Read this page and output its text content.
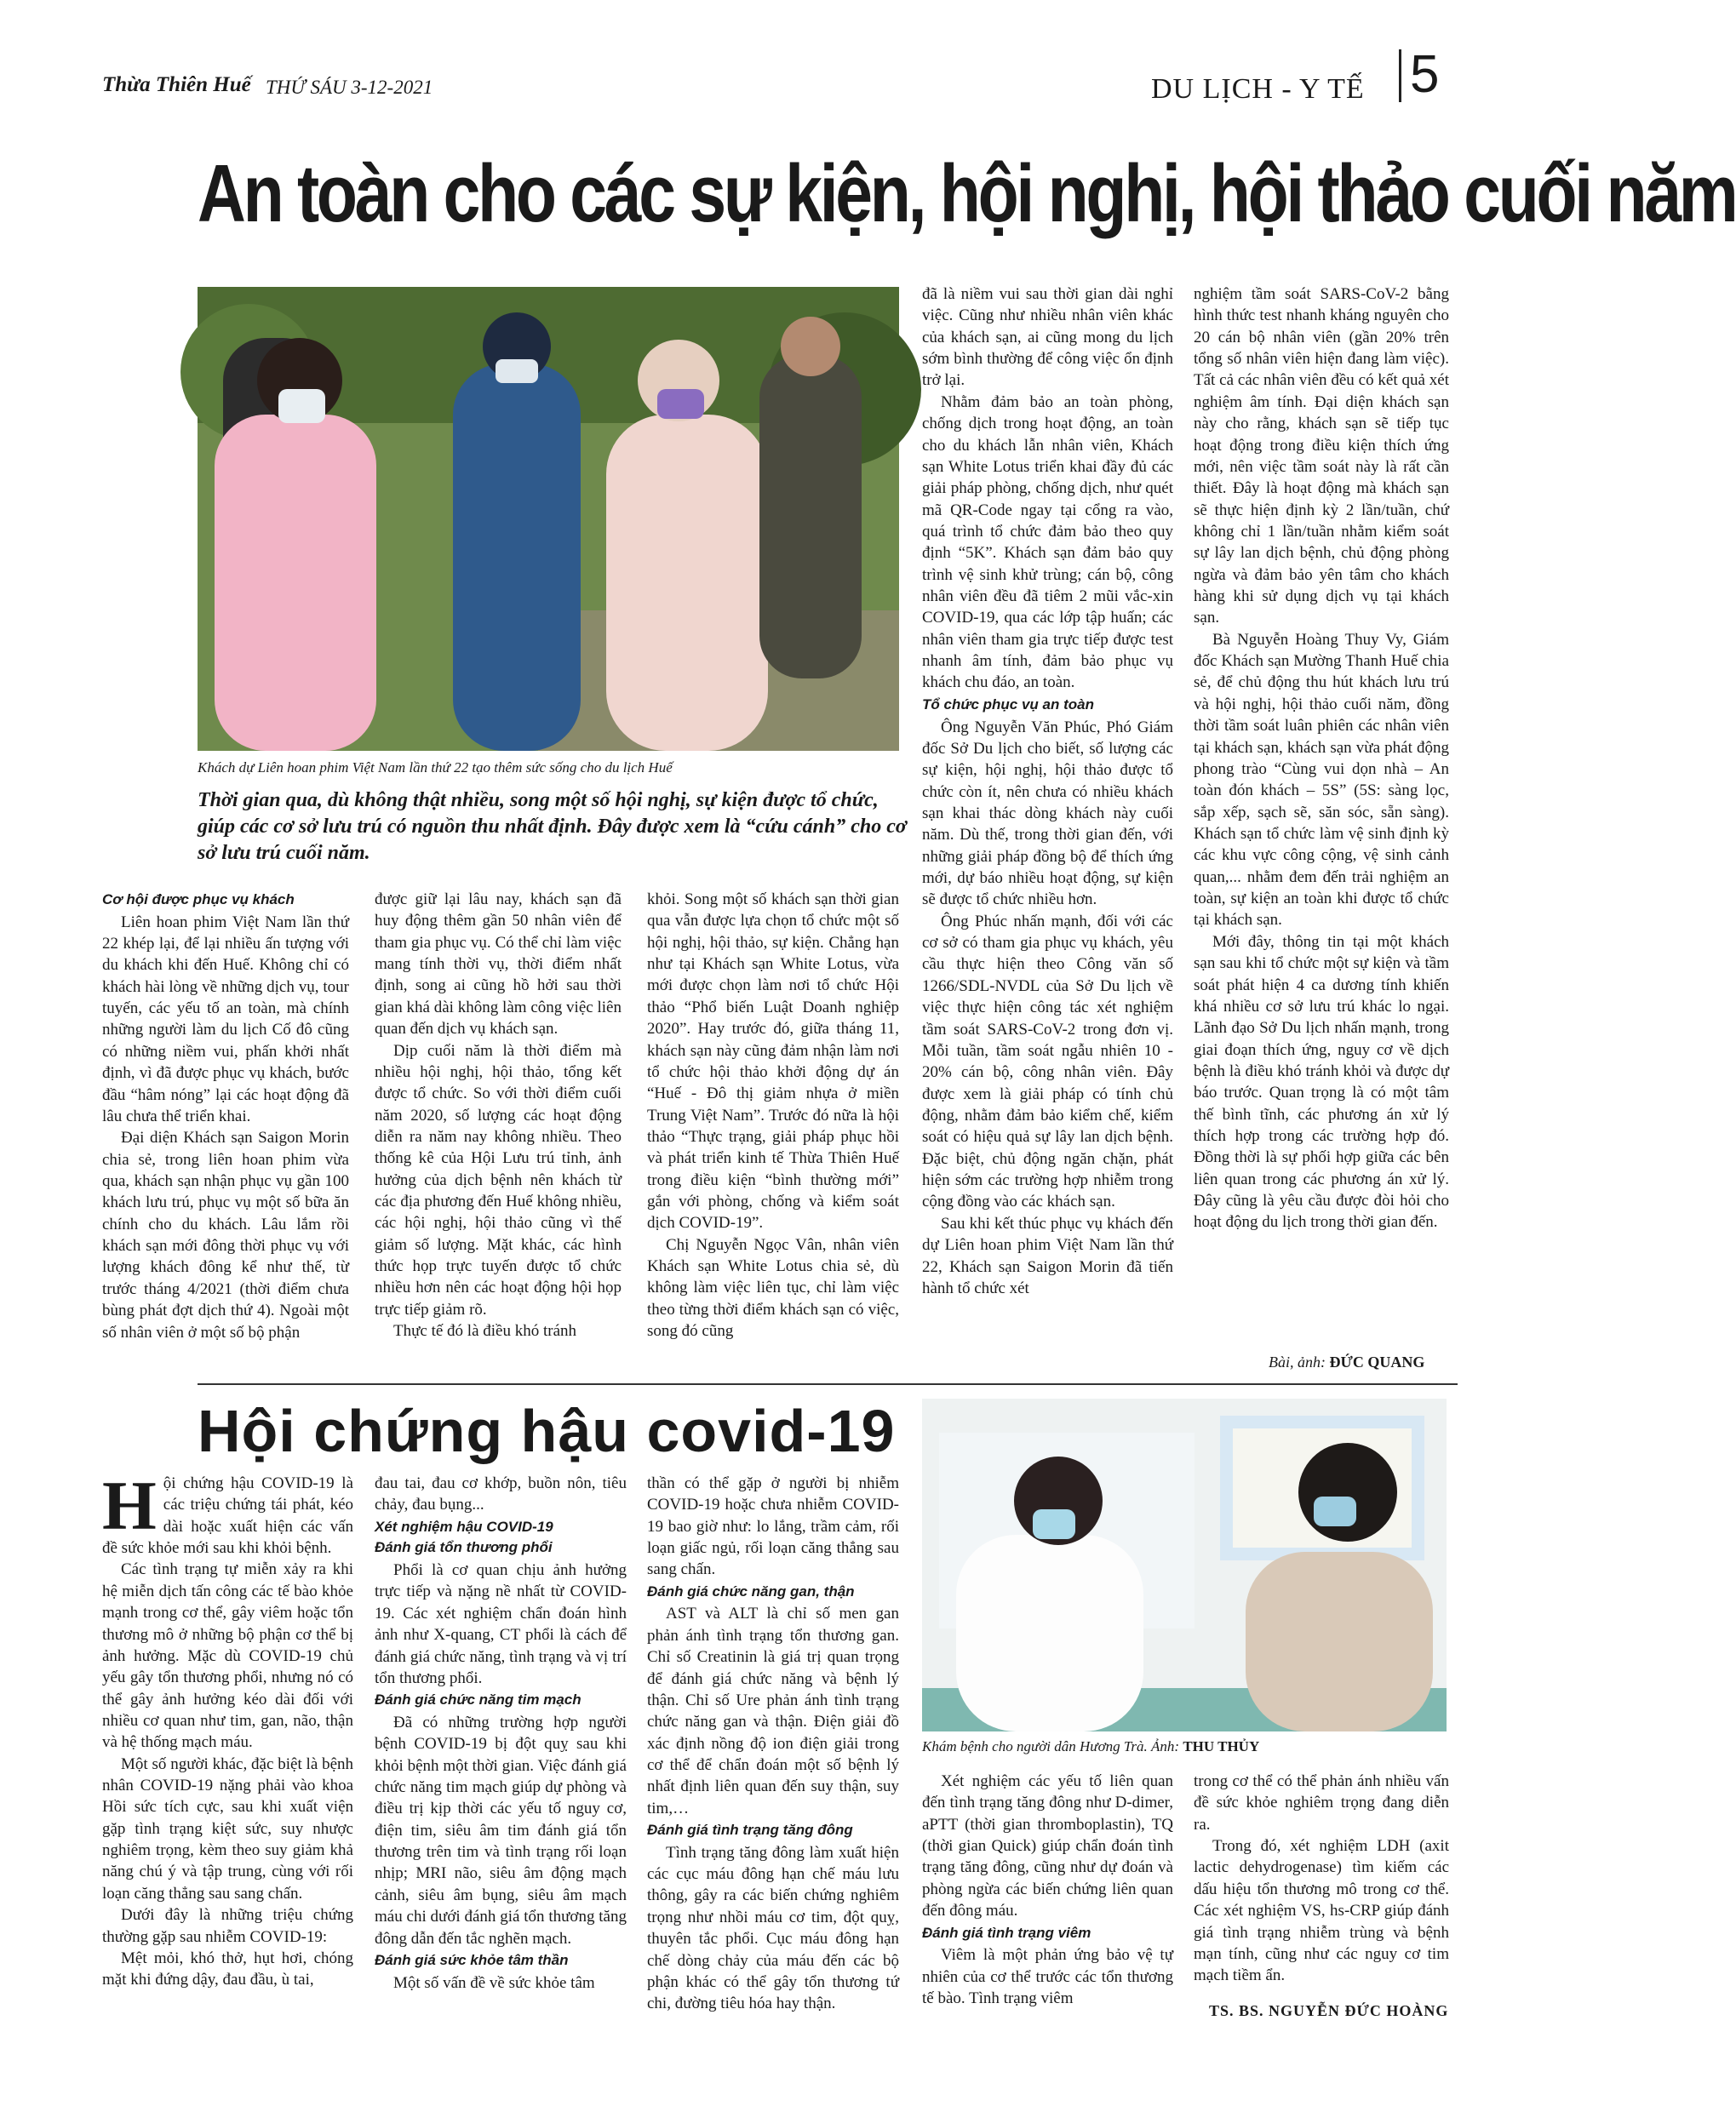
Thừa Thiên Huế THỨ SÁU 3-12-2021	DU LỊCH - Y TẾ 5
An toàn cho các sự kiện, hội nghị, hội thảo cuối năm
Khách dự Liên hoan phim Việt Nam lần thứ 22 tạo thêm sức sống cho du lịch Huế
Thời gian qua, dù không thật nhiều, song một số hội nghị, sự kiện được tổ chức, giúp các cơ sở lưu trú có nguồn thu nhất định. Đây được xem là “cứu cánh” cho cơ sở lưu trú cuối năm.
Cơ hội được phục vụ khách

Liên hoan phim Việt Nam lần thứ 22 khép lại, để lại nhiều ấn tượng với du khách khi đến Huế. Không chỉ có khách hài lòng về những dịch vụ, tour tuyến, các yếu tố an toàn, mà chính những người làm du lịch Cố đô cũng có những niềm vui, phấn khởi nhất định, vì đã được phục vụ khách, bước đầu “hâm nóng” lại các hoạt động đã lâu chưa thể triển khai.

Đại diện Khách sạn Saigon Morin chia sẻ, trong liên hoan phim vừa qua, khách sạn nhận phục vụ gần 100 khách lưu trú, phục vụ một số bữa ăn chính cho du khách. Lâu lắm rồi khách sạn mới đông thời phục vụ với lượng khách đông kể như thế, từ trước tháng 4/2021 (thời điểm chưa bùng phát đợt dịch thứ 4). Ngoài một số nhân viên ở một số bộ phận

được giữ lại lâu nay, khách sạn đã huy động thêm gần 50 nhân viên để tham gia phục vụ. Có thể chỉ làm việc mang tính thời vụ, thời điểm nhất định, song ai cũng hồ hởi sau thời gian khá dài không làm công việc liên quan đến dịch vụ khách sạn.

Dịp cuối năm là thời điểm mà nhiều hội nghị, hội thảo, tổng kết được tổ chức. So với thời điểm cuối năm 2020, số lượng các hoạt động diễn ra năm nay không nhiều. Theo thống kê của Hội Lưu trú tỉnh, ảnh hưởng của dịch bệnh nên khách từ các địa phương đến Huế không nhiều, các hội nghị, hội thảo cũng vì thế giảm số lượng. Mặt khác, các hình thức họp trực tuyến được tổ chức nhiều hơn nên các hoạt động hội họp trực tiếp giảm rõ.

Thực tế đó là điều khó tránh

khỏi. Song một số khách sạn thời gian qua vẫn được lựa chọn tổ chức một số hội nghị, hội thảo, sự kiện. Chẳng hạn như tại Khách sạn White Lotus, vừa mới được chọn làm nơi tổ chức Hội thảo “Phổ biến Luật Doanh nghiệp 2020”. Hay trước đó, giữa tháng 11, khách sạn này cũng đảm nhận làm nơi tổ chức hội thảo khởi động dự án “Huế - Đô thị giảm nhựa ở miền Trung Việt Nam”. Trước đó nữa là hội thảo “Thực trạng, giải pháp phục hồi và phát triển kinh tế Thừa Thiên Huế trong điều kiện “bình thường mới” gắn với phòng, chống và kiểm soát dịch COVID-19”.

Chị Nguyễn Ngọc Vân, nhân viên Khách sạn White Lotus chia sẻ, dù không làm việc liên tục, chỉ làm việc theo từng thời điểm khách sạn có việc, song đó cũng

đã là niềm vui sau thời gian dài nghỉ việc. Cũng như nhiều nhân viên khác của khách sạn, ai cũng mong du lịch sớm bình thường để công việc ổn định trở lại.

Nhằm đảm bảo an toàn phòng, chống dịch trong hoạt động, an toàn cho du khách lẫn nhân viên, Khách sạn White Lotus triển khai đầy đủ các giải pháp phòng, chống dịch, như quét mã QR-Code ngay tại cổng ra vào, quá trình tổ chức đảm bảo theo quy định “5K”. Khách sạn đảm bảo quy trình vệ sinh khử trùng; cán bộ, công nhân viên đều đã tiêm 2 mũi vắc-xin COVID-19, qua các lớp tập huấn; các nhân viên tham gia trực tiếp được test nhanh âm tính, đảm bảo phục vụ khách chu đáo, an toàn.

Tổ chức phục vụ an toàn

Ông Nguyễn Văn Phúc, Phó Giám đốc Sở Du lịch cho biết, số lượng các sự kiện, hội nghị, hội thảo được tổ chức còn ít, nên chưa có nhiều khách sạn khai thác dòng khách này cuối năm. Dù thế, trong thời gian đến, với những giải pháp đồng bộ để thích ứng mới, dự báo nhiều hoạt động, sự kiện sẽ được tổ chức nhiều hơn.

Ông Phúc nhấn mạnh, đối với các cơ sở có tham gia phục vụ khách, yêu cầu thực hiện theo Công văn số 1266/SDL-NVDL của Sở Du lịch về việc thực hiện công tác xét nghiệm tầm soát SARS-CoV-2 trong đơn vị. Mỗi tuần, tầm soát ngẫu nhiên 10 - 20% cán bộ, công nhân viên. Đây được xem là giải pháp có tính chủ động, nhằm đảm bảo kiểm chế, kiểm soát có hiệu quả sự lây lan dịch bệnh. Đặc biệt, chủ động ngăn chặn, phát hiện sớm các trường hợp nhiễm trong cộng đồng vào các khách sạn.

Sau khi kết thúc phục vụ khách đến dự Liên hoan phim Việt Nam lần thứ 22, Khách sạn Saigon Morin đã tiến hành tổ chức xét

nghiệm tầm soát SARS-CoV-2 bằng hình thức test nhanh kháng nguyên cho 20 cán bộ nhân viên (gần 20% trên tổng số nhân viên hiện đang làm việc). Tất cả các nhân viên đều có kết quả xét nghiệm âm tính. Đại diện khách sạn này cho rằng, khách sạn sẽ tiếp tục hoạt động trong điều kiện thích ứng mới, nên việc tầm soát này là rất cần thiết. Đây là hoạt động mà khách sạn sẽ thực hiện định kỳ 2 lần/tuần, chứ không chỉ 1 lần/tuần nhằm kiểm soát sự lây lan dịch bệnh, chủ động phòng ngừa và đảm bảo yên tâm cho khách hàng khi sử dụng dịch vụ tại khách sạn.

Bà Nguyễn Hoàng Thuy Vy, Giám đốc Khách sạn Mường Thanh Huế chia sẻ, để chủ động thu hút khách lưu trú và hội nghị, hội thảo cuối năm, đồng thời tầm soát luân phiên các nhân viên tại khách sạn, khách sạn vừa phát động phong trào “Cùng vui dọn nhà – An toàn đón khách – 5S” (5S: sàng lọc, sắp xếp, sạch sẽ, săn sóc, sẵn sàng). Khách sạn tổ chức làm vệ sinh định kỳ các khu vực công cộng, vệ sinh cảnh quan,... nhằm đem đến trải nghiệm an toàn, sự kiện an toàn khi được tổ chức tại khách sạn.

Mới đây, thông tin tại một khách sạn sau khi tổ chức một sự kiện và tầm soát phát hiện 4 ca dương tính khiến khá nhiều cơ sở lưu trú khác lo ngại. Lãnh đạo Sở Du lịch nhấn mạnh, trong giai đoạn thích ứng, nguy cơ về dịch bệnh là điều khó tránh khỏi và được dự báo trước. Quan trọng là có một tâm thế bình tĩnh, các phương án xử lý thích hợp trong các trường hợp đó. Đồng thời là sự phối hợp giữa các bên liên quan trong các phương án xử lý. Đây cũng là yêu cầu được đòi hỏi cho hoạt động du lịch trong thời gian đến.

Bài, ảnh: ĐỨC QUANG
Hội chứng hậu covid-19
Khám bệnh cho người dân Hương Trà. Ảnh: THU THỦY

Hội chứng hậu COVID-19 là các triệu chứng tái phát, kéo dài hoặc xuất hiện các vấn đề sức khỏe mới sau khi khỏi bệnh.

Các tình trạng tự miễn xảy ra khi hệ miễn dịch tấn công các tế bào khỏe mạnh trong cơ thể, gây viêm hoặc tổn thương mô ở những bộ phận cơ thể bị ảnh hưởng. Mặc dù COVID-19 chủ yếu gây tổn thương phổi, nhưng nó có thể gây ảnh hưởng kéo dài đối với nhiều cơ quan như tim, gan, não, thận và hệ thống mạch máu.

Một số người khác, đặc biệt là bệnh nhân COVID-19 nặng phải vào khoa Hồi sức tích cực, sau khi xuất viện gặp tình trạng kiệt sức, suy nhược nghiêm trọng, kèm theo suy giảm khả năng chú ý và tập trung, cùng với rối loạn căng thẳng sau sang chấn.

Dưới đây là những triệu chứng thường gặp sau nhiễm COVID-19:

Mệt mỏi, khó thở, hụt hơi, chóng mặt khi đứng dậy, đau đầu, ù tai,

đau tai, đau cơ khớp, buồn nôn, tiêu chảy, đau bụng...

Xét nghiệm hậu COVID-19
Đánh giá tổn thương phổi

Phổi là cơ quan chịu ảnh hưởng trực tiếp và nặng nề nhất từ COVID-19. Các xét nghiệm chẩn đoán hình ảnh như X-quang, CT phổi là cách để đánh giá chức năng, tình trạng và vị trí tổn thương phổi.

Đánh giá chức năng tim mạch

Đã có những trường hợp người bệnh COVID-19 bị đột quỵ sau khi khỏi bệnh một thời gian. Việc đánh giá chức năng tim mạch giúp dự phòng và điều trị kịp thời các yếu tố nguy cơ, điện tim, siêu âm tim đánh giá tổn thương trên tim và tình trạng rối loạn nhịp; MRI não, siêu âm động mạch cảnh, siêu âm bụng, siêu âm mạch máu chi dưới đánh giá tổn thương tăng đông dẫn đến tắc nghẽn mạch.

Đánh giá sức khỏe tâm thần

Một số vấn đề về sức khỏe tâm

thần có thể gặp ở người bị nhiễm COVID-19 hoặc chưa nhiễm COVID-19 bao giờ như: lo lắng, trầm cảm, rối loạn giấc ngủ, rối loạn căng thẳng sau sang chấn.

Đánh giá chức năng gan, thận

AST và ALT là chỉ số men gan phản ánh tình trạng tổn thương gan. Chỉ số Creatinin là giá trị quan trọng để đánh giá chức năng và bệnh lý thận. Chỉ số Ure phản ánh tình trạng chức năng gan và thận. Điện giải đồ xác định nồng độ ion điện giải trong cơ thể để chẩn đoán một số bệnh lý nhất định liên quan đến suy thận, suy tim,…

Đánh giá tình trạng tăng đông

Tình trạng tăng đông làm xuất hiện các cục máu đông hạn chế máu lưu thông, gây ra các biến chứng nghiêm trọng như nhồi máu cơ tim, đột quỵ, thuyên tắc phổi. Cục máu đông hạn chế dòng chảy của máu đến các bộ phận khác có thể gây tổn thương tứ chi, đường tiêu hóa hay thận.

Xét nghiệm các yếu tố liên quan đến tình trạng tăng đông như D-dimer, aPTT (thời gian thromboplastin), TQ (thời gian Quick) giúp chẩn đoán tình trạng tăng đông, cũng như dự đoán và phòng ngừa các biến chứng liên quan đến đông máu.

Đánh giá tình trạng viêm

Viêm là một phản ứng bảo vệ tự nhiên của cơ thể trước các tổn thương tế bào. Tình trạng viêm

trong cơ thể có thể phản ánh nhiều vấn đề sức khỏe nghiêm trọng đang diễn ra.

Trong đó, xét nghiệm LDH (axit lactic dehydrogenase) tìm kiếm các dấu hiệu tổn thương mô trong cơ thể. Các xét nghiệm VS, hs-CRP giúp đánh giá tình trạng nhiễm trùng và bệnh mạn tính, cũng như các nguy cơ tim mạch tiềm ẩn.

TS. BS. NGUYỄN ĐỨC HOÀNG
